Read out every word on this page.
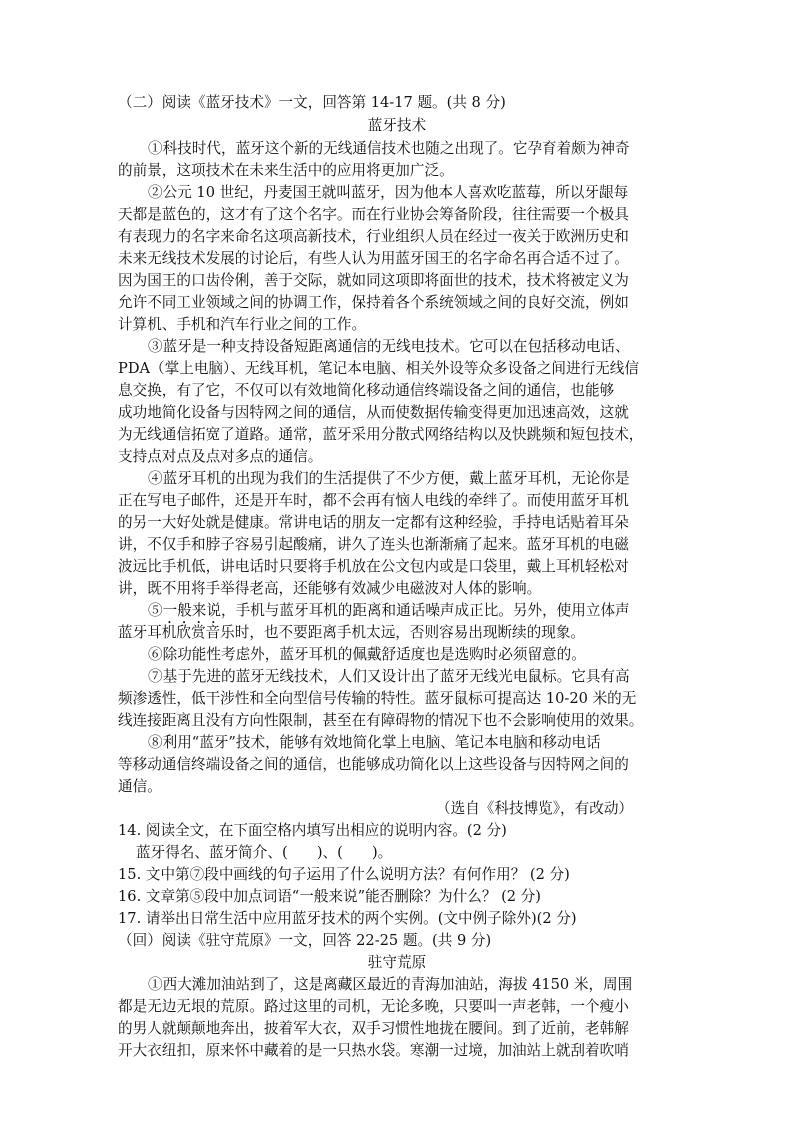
（二）阅读《蓝牙技术》一文，回答第 14-17 题。(共 8 分)
蓝牙技术
①科技时代，蓝牙这个新的无线通信技术也随之出现了。它孕育着颇为神奇
的前景，这项技术在未来生活中的应用将更加广泛。
②公元 10 世纪，丹麦国王就叫蓝牙，因为他本人喜欢吃蓝莓，所以牙龈每
天都是蓝色的，这才有了这个名字。而在行业协会筹备阶段，往往需要一个极具
有表现力的名字来命名这项高新技术，行业组织人员在经过一夜关于欧洲历史和
未来无线技术发展的讨论后，有些人认为用蓝牙国王的名字命名再合适不过了。
因为国王的口齿伶俐，善于交际，就如同这项即将面世的技术，技术将被定义为
允许不同工业领域之间的协调工作，保持着各个系统领域之间的良好交流，例如
计算机、手机和汽车行业之间的工作。
③蓝牙是一种支持设备短距离通信的无线电技术。它可以在包括移动电话、
PDA（掌上电脑）、无线耳机，笔记本电脑、相关外设等众多设备之间进行无线信
息交换，有了它，不仅可以有效地简化移动通信终端设备之间的通信，也能够
成功地简化设备与因特网之间的通信，从而使数据传输变得更加迅速高效，这就
为无线通信拓宽了道路。通常，蓝牙采用分散式网络结构以及快跳频和短包技术，
支持点对点及点对多点的通信。
④蓝牙耳机的出现为我们的生活提供了不少方便，戴上蓝牙耳机，无论你是
正在写电子邮件，还是开车时，都不会再有恼人电线的牵绊了。而使用蓝牙耳机
的另一大好处就是健康。常讲电话的朋友一定都有这种经验，手持电话贴着耳朵
讲，不仅手和脖子容易引起酸痛，讲久了连头也渐渐痛了起来。蓝牙耳机的电磁
波远比手机低，讲电话时只要将手机放在公文包内或是口袋里，戴上耳机轻松对
讲，既不用将手举得老高，还能够有效减少电磁波对人体的影响。
⑤一般来说，手机与蓝牙耳机的距离和通话噪声成正比。另外，使用立体声
蓝牙耳机欣赏音乐时，也不要距离手机太远，否则容易出现断续的现象。
⑥除功能性考虑外，蓝牙耳机的佩戴舒适度也是选购时必须留意的。
⑦基于先进的蓝牙无线技术，人们又设计出了蓝牙无线光电鼠标。它具有高
频渗透性，低干涉性和全向型信号传输的特性。蓝牙鼠标可提高达 10-20 米的无
线连接距离且没有方向性限制，甚至在有障碍物的情况下也不会影响使用的效果。
⑧利用“蓝牙”技术，能够有效地简化掌上电脑、笔记本电脑和移动电话
等移动通信终端设备之间的通信，也能够成功简化以上这些设备与因特网之间的
通信。
（选自《科技博览》，有改动）
14. 阅读全文，在下面空格内填写出相应的说明内容。(2 分)
蓝牙得名、蓝牙简介、(　　)、(　　)。
15. 文中第⑦段中画线的句子运用了什么说明方法？有何作用？ (2 分)
16. 文章第⑤段中加点词语“一般来说”能否删除？为什么？ (2 分)
17. 请举出日常生活中应用蓝牙技术的两个实例。(文中例子除外)(2 分)
（回）阅读《驻守荒原》一文，回答 22-25 题。(共 9 分)
驻守荒原
①西大滩加油站到了，这是离藏区最近的青海加油站，海拔 4150 米，周围
都是无边无垠的荒原。路过这里的司机，无论多晚，只要叫一声老韩，一个瘦小
的男人就颠颠地奔出，披着军大衣，双手习惯性地拢在腰间。到了近前，老韩解
开大衣纽扣，原来怀中藏着的是一只热水袋。寒潮一过境，加油站上就刮着吹哨
